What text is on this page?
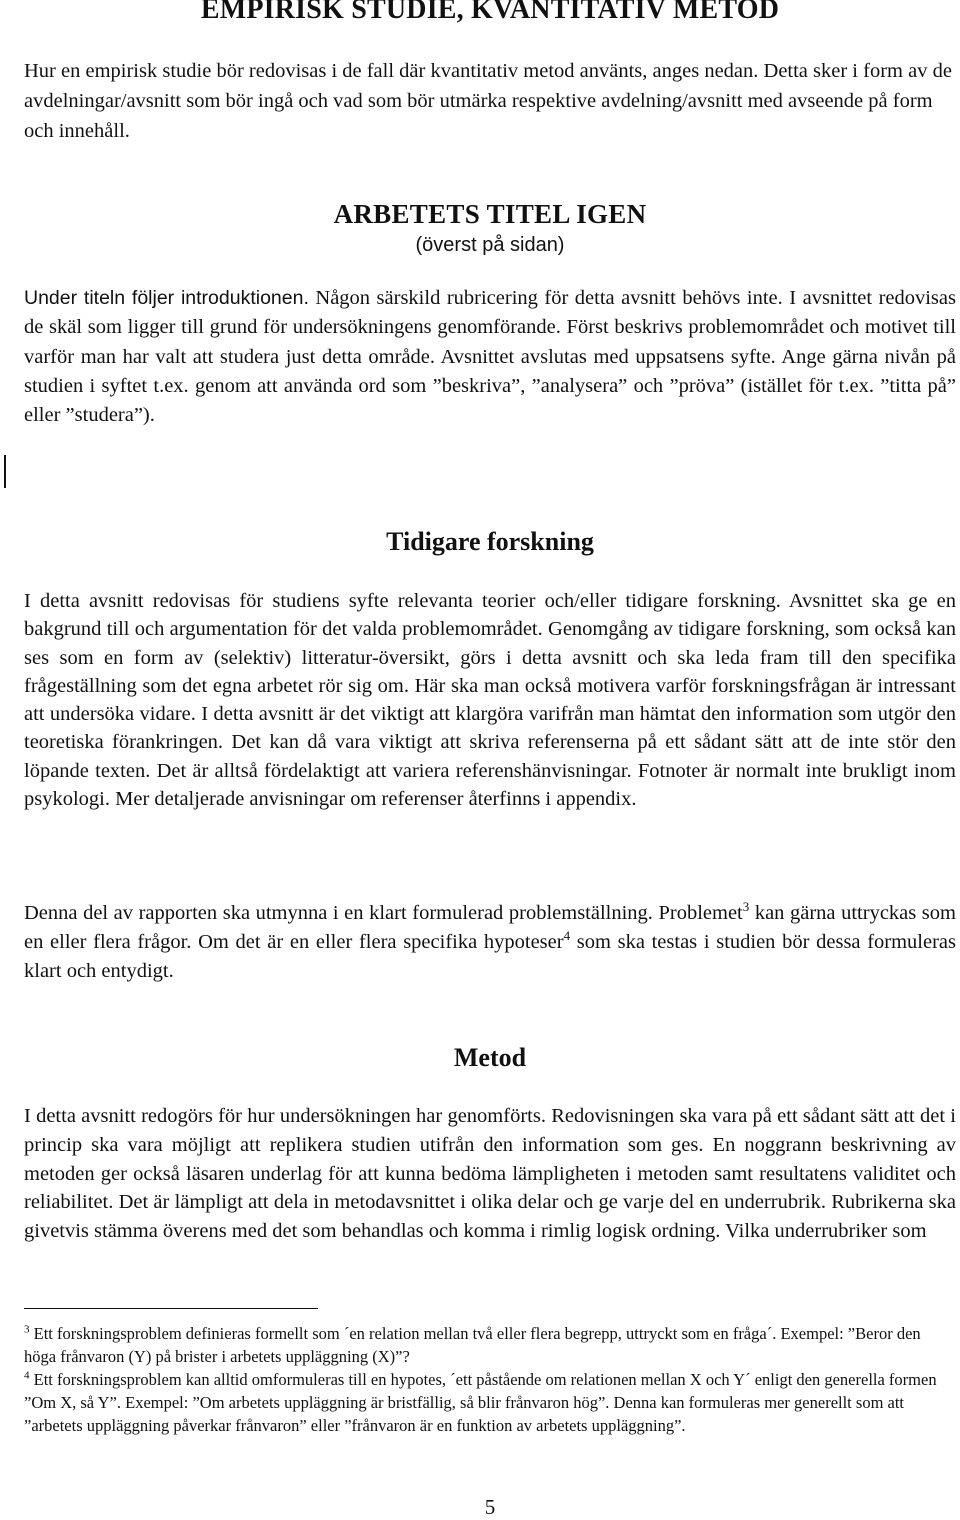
EMPIRISK STUDIE, KVANTITATIV METOD

Hur en empirisk studie bör redovisas i de fall där kvantitativ metod använts, anges nedan. Detta sker i form av de avdelningar/avsnitt som bör ingå och vad som bör utmärka respektive avdelning/avsnitt med avseende på form och innehåll.

ARBETETS TITEL IGEN

(överst på sidan)

Under titeln följer introduktionen. Någon särskild rubricering för detta avsnitt behövs inte. I avsnittet redovisas de skäl som ligger till grund för undersökningens genomförande. Först beskrivs problemområdet och motivet till varför man har valt att studera just detta område. Avsnittet avslutas med uppsatsens syfte. Ange gärna nivån på studien i syftet t.ex. genom att använda ord som ”beskriva”, ”analysera” och ”pröva” (istället för t.ex. ”titta på” eller ”studera”).

Tidigare forskning

I detta avsnitt redovisas för studiens syfte relevanta teorier och/eller tidigare forskning. Avsnittet ska ge en bakgrund till och argumentation för det valda problemområdet. Genomgång av tidigare forskning, som också kan ses som en form av (selektiv) litteratur-översikt, görs i detta avsnitt och ska leda fram till den specifika frågeställning som det egna arbetet rör sig om. Här ska man också motivera varför forskningsfrågan är intressant att undersöka vidare. I detta avsnitt är det viktigt att klargöra varifrån man hämtat den information som utgör den teoretiska förankringen. Det kan då vara viktigt att skriva referenserna på ett sådant sätt att de inte stör den löpande texten. Det är alltså fördelaktigt att variera referenshänvisningar. Fotnoter är normalt inte brukligt inom psykologi. Mer detaljerade anvisningar om referenser återfinns i appendix.

Denna del av rapporten ska utmynna i en klart formulerad problemställning. Problemet$^3$ kan gärna uttryckas som en eller flera frågor. Om det är en eller flera specifika hypoteser$^4$ som ska testas i studien bör dessa formuleras klart och entydigt.

Metod

I detta avsnitt redogörs för hur undersökningen har genomförts. Redovisningen ska vara på ett sådant sätt att det i princip ska vara möjligt att replikera studien utifrån den information som ges. En noggrann beskrivning av metoden ger också läsaren underlag för att kunna bedöma lämpligheten i metoden samt resultatens validitet och reliabilitet. Det är lämpligt att dela in metodavsnittet i olika delar och ge varje del en underrubrik. Rubrikerna ska givetvis stämma överens med det som behandlas och komma i rimlig logisk ordning. Vilka underrubriker som

$^3$ Ett forskningsproblem definieras formellt som ´en relation mellan två eller flera begrepp, uttryckt som en fråga´. Exempel: ”Beror den höga frånvaron (Y) på brister i arbetets uppläggning (X)”?

$^4$ Ett forskningsproblem kan alltid omformuleras till en hypotes, ´ett påstående om relationen mellan X och Y´ enligt den generella formen ”Om X, så Y”. Exempel: ”Om arbetets uppläggning är bristfällig, så blir frånvaron hög”. Denna kan formuleras mer generellt som att ”arbetets uppläggning påverkar frånvaron” eller ”frånvaron är en funktion av arbetets uppläggning”.

5
